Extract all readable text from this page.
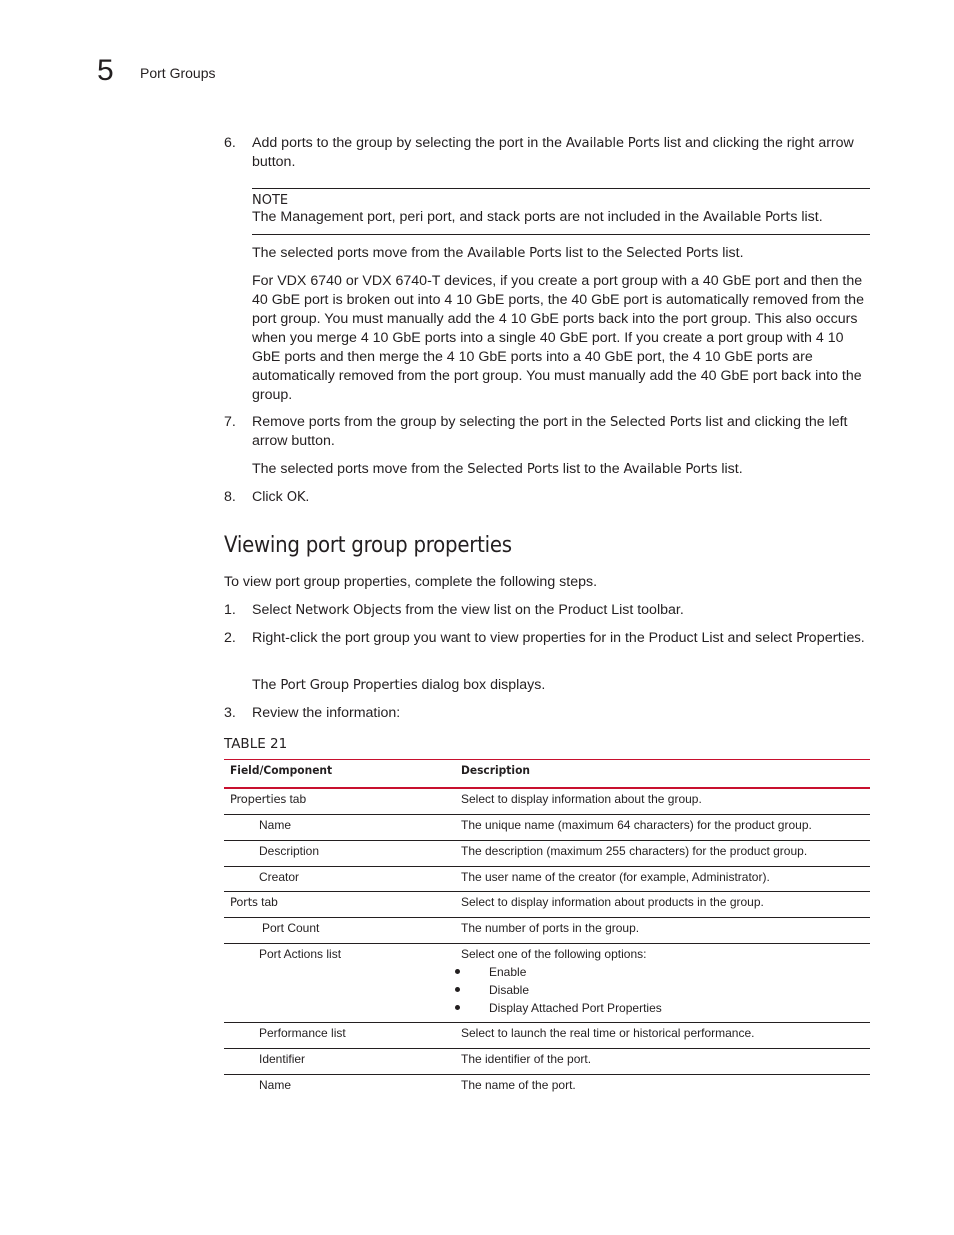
5 Port Groups
6. Add ports to the group by selecting the port in the Available Ports list and clicking the right arrow button.
NOTE
The Management port, peri port, and stack ports are not included in the Available Ports list.
The selected ports move from the Available Ports list to the Selected Ports list.
For VDX 6740 or VDX 6740-T devices, if you create a port group with a 40 GbE port and then the 40 GbE port is broken out into 4 10 GbE ports, the 40 GbE port is automatically removed from the port group. You must manually add the 4 10 GbE ports back into the port group. This also occurs when you merge 4 10 GbE ports into a single 40 GbE port. If you create a port group with 4 10 GbE ports and then merge the 4 10 GbE ports into a 40 GbE port, the 4 10 GbE ports are automatically removed from the port group. You must manually add the 40 GbE port back into the group.
7. Remove ports from the group by selecting the port in the Selected Ports list and clicking the left arrow button.
The selected ports move from the Selected Ports list to the Available Ports list.
8. Click OK.
Viewing port group properties
To view port group properties, complete the following steps.
1. Select Network Objects from the view list on the Product List toolbar.
2. Right-click the port group you want to view properties for in the Product List and select Properties.
The Port Group Properties dialog box displays.
3. Review the information:
TABLE 21
Field/Component	Description
Properties tab	Select to display information about the group.
Name	The unique name (maximum 64 characters) for the product group.
Description	The description (maximum 255 characters) for the product group.
Creator	The user name of the creator (for example, Administrator).
Ports tab	Select to display information about products in the group.
Port Count	The number of ports in the group.
Port Actions list	Select one of the following options:
Enable
Disable
Display Attached Port Properties
Performance list	Select to launch the real time or historical performance.
Identifier	The identifier of the port.
Name	The name of the port.
